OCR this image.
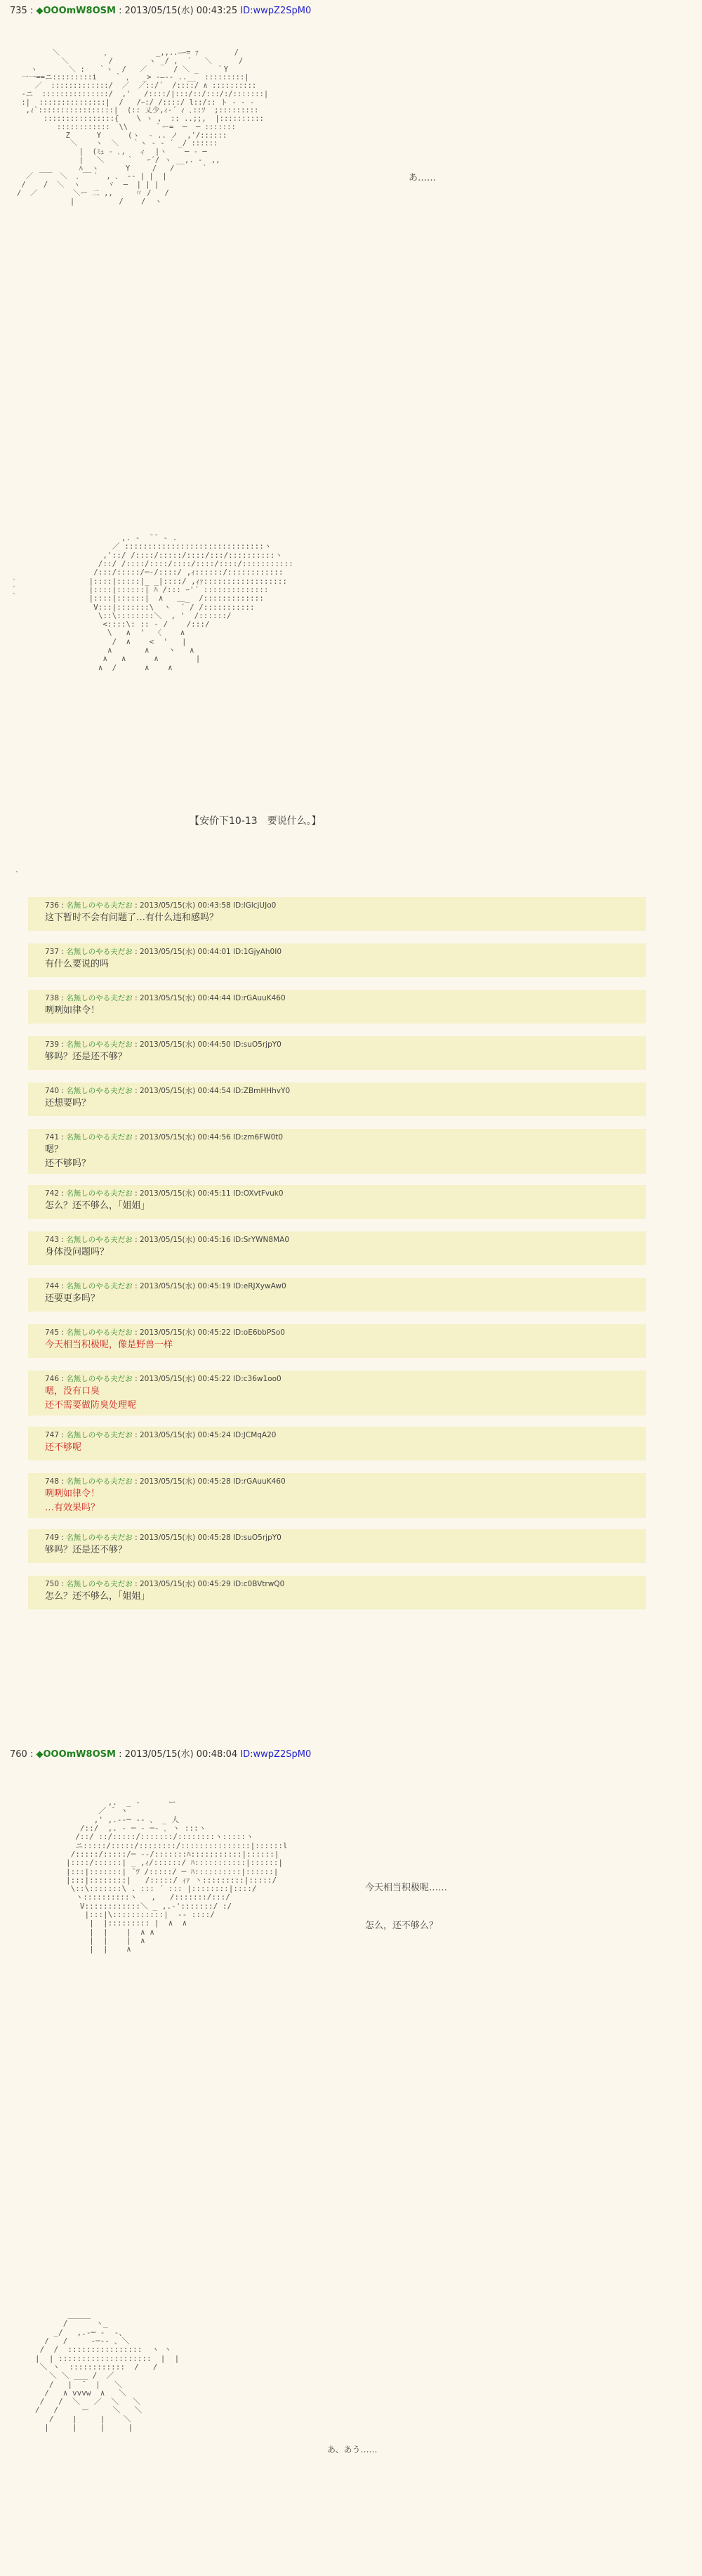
735 : ◆OOOmW8OSM : 2013/05/15(水) 00:43:25 ID:wwpZ2SpM0
＼          ，          _,,..―ｰ= ｧ        /
＼         /        ヽ _/ ,  ´   ＼      /
ヽ       ＼ :   ｀ヽ  /   ／      / ＼ _    ｀Y
一一==ニ:::::::::i    ｀ ，  _> ‐―‐‐ ..__  :::::::::|
／  :::::::::::::/  ／  ／::/´  /::::/ ∧ ::::::::::
-ニ  :::::::::::::::/  ,'   /::::/|:::/::/:::/:/:::::::|
:|  :::::::::::::::|  /   /ｰ:/ /::::/ l::/:: ト - - -
,ｨ`:::::::::::::::::|  (:: 乂少,ｨ‐´ ｨ ､::ｿ  ;:::::::::
::::::::::::::::{    \ ヽ ,  :: ..;;,  |::::::::::
::::::::::::  \\      ｀ー=  ─  ─ :::::::
Z      Y      (ヽ  ‐ .. ノ  ,'/::::::
＼    ヽ  ＼   ｀ヽ ‐ - ´ _/ ::::::
|  (ﾐｪ ‐ ､,   ィ  |ヽ    ─ ‐ ─
|   ＼     ｀   ｰ´/ ヽ __,. ‐  ,,
___      ﾊ__ヽ      Y     /   /      ｀
／      ＼  ､   ´  , 、 -‐ | |  |
/    /  ＼  ヽ      ヾ  ─  | | |
/  ／        ＼ー 二 ,,     〃 /   /
|          /    /  ヽ
あ……
·
·
·
,. ‐  ̄ ̄  ‐ .
／ ::::::::::::::::::::::::::::::ヽ
,'::/ /::::/:::::/::::/:::/::::::::::ヽ
/::/ /::::/::::/::::/::::/::::/:::::::::::
/:::/:::::/─‐/::::/ ,ｨ::::::/::::::::::::
|::::|:::::|_ _|::::/ ,ｨｧ::::::::::::::::::
|::::|::::::| ﾊ /::: ｰ'´ ::::::::::::::
|::::|::::::|  ∧   ＿_  /:::::::::::::
V:::|:::::::\  ヽ  ´ / /:::::::::::
\::\::::::::＼  , '  /::::::/
<::::\: :: - /    /:::/
\   ∧  '  〈    ∧
/  ∧    <  '   |
∧       ∧    ヽ   ∧
∧   ∧      ∧        |
∧  /      ∧    ∧
【安价下10-13　要说什么。】
·
736 : 名無しのやる夫だお : 2013/05/15(水) 00:43:58 ID:lGlcjUJo0
这下暂时不会有问题了…有什么违和感吗？
737 : 名無しのやる夫だお : 2013/05/15(水) 00:44:01 ID:1GjyAh0I0
有什么要说的吗
738 : 名無しのやる夫だお : 2013/05/15(水) 00:44:44 ID:rGAuuK460
咧咧如律令！
739 : 名無しのやる夫だお : 2013/05/15(水) 00:44:50 ID:suO5rjpY0
够吗？还是还不够？
740 : 名無しのやる夫だお : 2013/05/15(水) 00:44:54 ID:ZBmHHhvY0
还想要吗？
741 : 名無しのやる夫だお : 2013/05/15(水) 00:44:56 ID:zm6FW0t0
嗯？
还不够吗？
742 : 名無しのやる夫だお : 2013/05/15(水) 00:45:11 ID:OXvtFvuk0
怎么？还不够么，「姐姐」
743 : 名無しのやる夫だお : 2013/05/15(水) 00:45:16 ID:SrYWN8MA0
身体没问题吗？
744 : 名無しのやる夫だお : 2013/05/15(水) 00:45:19 ID:eRJXywAw0
还要更多吗？
745 : 名無しのやる夫だお : 2013/05/15(水) 00:45:22 ID:oE6bbPSo0
今天相当积极呢，像是野兽一样
746 : 名無しのやる夫だお : 2013/05/15(水) 00:45:22 ID:c36w1oo0
嗯，没有口臭
还不需要做防臭处理呢
747 : 名無しのやる夫だお : 2013/05/15(水) 00:45:24 ID:JCMqA20
还不够呢
748 : 名無しのやる夫だお : 2013/05/15(水) 00:45:28 ID:rGAuuK460
咧咧如律令！
…有效果吗？
749 : 名無しのやる夫だお : 2013/05/15(水) 00:45:28 ID:suO5rjpY0
够吗？还是还不够？
750 : 名無しのやる夫だお : 2013/05/15(水) 00:45:29 ID:c0BVtrwQ0
怎么？还不够么，「姐姐」
760 : ◆OOOmW8OSM : 2013/05/15(水) 00:48:04 ID:wwpZ2SpM0
,.  _ ‐      ー
／ ̄  ヽ
,' ,.-‐─ ‐- 、 _ 人
/::/  ,. - ─ ‐ ─- ､ ヽ :::ヽ
/::/ ::/:::::/:::::::/::::::::ヽ:::::ヽ
ニ:::::/:::::/::::::::/:::::::::::::::|::::::l
/:::::/:::::/─ ‐‐/:::::::ﾊ:::::::::::|::::::|
|::::/::::::| _ ,ｨ/::::::/ ﾊ:::::::::::|::::::|
|:::|:::::::| ´ﾂ /:::::/ ─ ﾊ::::::::::|::::::|
|:::|::::::::|   /:::::/ ｨｧ ヽ:::::::::|:::::/
\::\:::::::\ . ::: ´ ::: |::::::::|::::/
ヽ::::::::::ヽ   ,   /:::::::/:::/
V::::::::::::＼ _ ,.-':::::::/ :/
|:::|\:::::::::::|  -‐ ::::/
|  |::::::::: |  ∧  ∧
|  |    |  ∧ ∧
|  |    |  ∧
|  |    ∧
今天相当积极呢……
怎么，还不够么？
＿＿＿
/      ヽ_
_/   ,.-─ ‐  -、
/   /     ‐─‐- 、＼
/  /  ::::::::::::::::  ヽ ヽ
|  | ::::::::::::::::::::  |  |
＼ ヽ  ::::::::::::  /   /
＼ ＼ ___ /  ／
/   |  ¨  |   ＼
/   ∧ vvvw  ∧   ＼
/   /  ＼   ／  ＼   ＼
/   /     ー     ＼   ＼
/    |     |    ＼
|     |     |     |
あ、あう……
